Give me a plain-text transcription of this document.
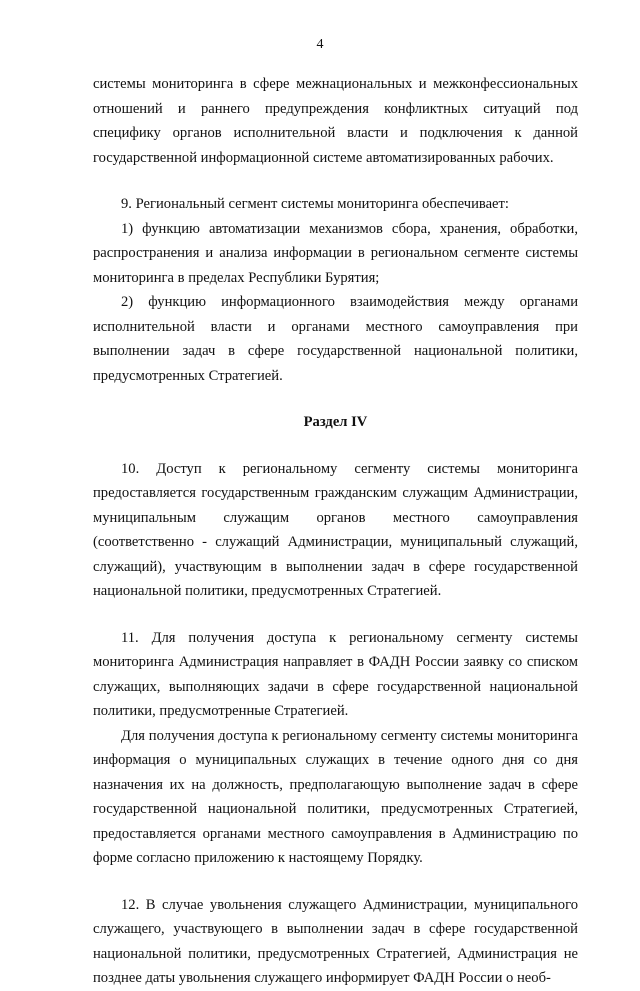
4

системы мониторинга в сфере межнациональных и межконфессиональных отношений и раннего предупреждения конфликтных ситуаций под специфику органов исполнительной власти и подключения к данной государственной информационной системе автоматизированных рабочих.

9. Региональный сегмент системы мониторинга обеспечивает:

1) функцию автоматизации механизмов сбора, хранения, обработки, распространения и анализа информации в региональном сегменте системы мониторинга в пределах Республики Бурятия;

2) функцию информационного взаимодействия между органами исполнительной власти и органами местного самоуправления при выполнении задач в сфере государственной национальной политики, предусмотренных Стратегией.

Раздел IV

10. Доступ к региональному сегменту системы мониторинга предоставляется государственным гражданским служащим Администрации, муниципальным служащим органов местного самоуправления (соответственно - служащий Администрации, муниципальный служащий, служащий), участвующим в выполнении задач в сфере государственной национальной политики, предусмотренных Стратегией.

11. Для получения доступа к региональному сегменту системы мониторинга Администрация направляет в ФАДН России заявку со списком служащих, выполняющих задачи в сфере государственной национальной политики, предусмотренные Стратегией.

Для получения доступа к региональному сегменту системы мониторинга информация о муниципальных служащих в течение одного дня со дня назначения их на должность, предполагающую выполнение задач в сфере государственной национальной политики, предусмотренных Стратегией, предоставляется органами местного самоуправления в Администрацию по форме согласно приложению к настоящему Порядку.

12. В случае увольнения служащего Администрации, муниципального служащего, участвующего в выполнении задач в сфере государственной национальной политики, предусмотренных Стратегией, Администрация не позднее даты увольнения служащего информирует ФАДН России о необ-
